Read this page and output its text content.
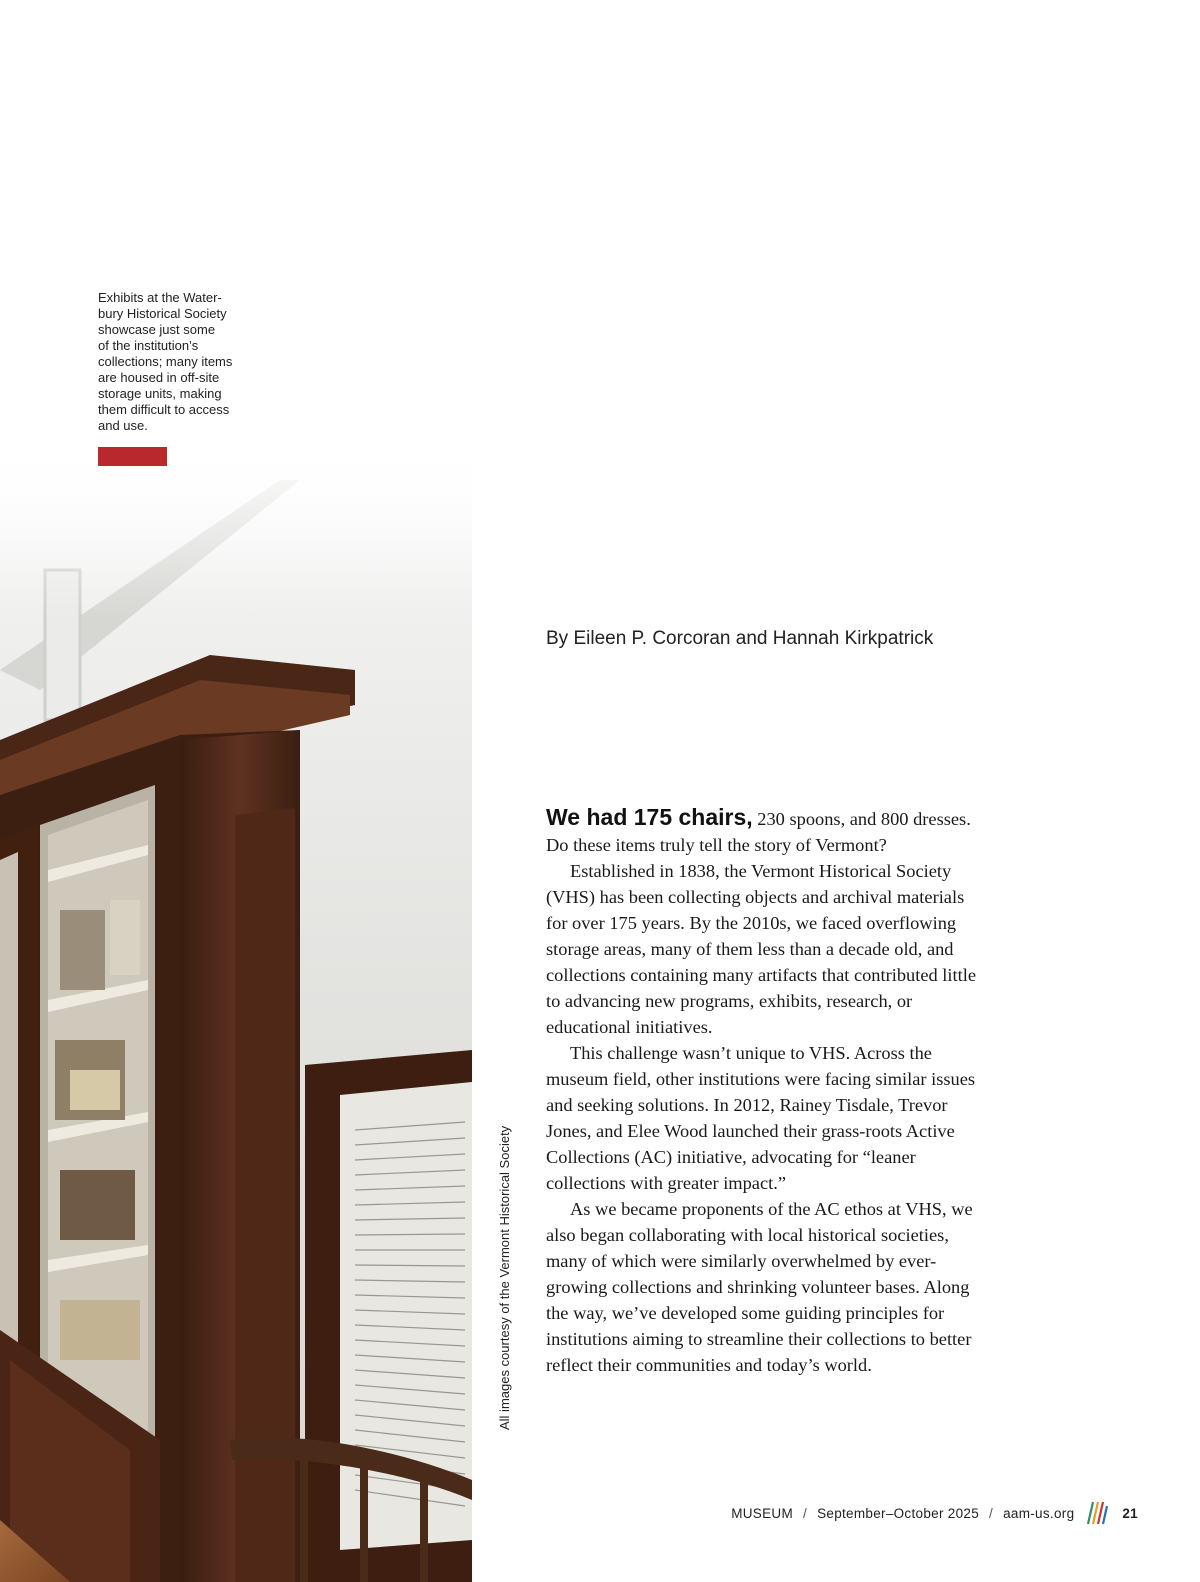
Exhibits at the Water-
bury Historical Society
showcase just some
of the institution’s
collections; many items
are housed in off-site
storage units, making
them difficult to access
and use.
All images courtesy of the Vermont Historical Society
By Eileen P. Corcoran and Hannah Kirkpatrick

We had 175 chairs, 230 spoons, and 800 dresses. Do these items truly tell the story of Vermont?

Established in 1838, the Vermont Historical Society (VHS) has been collecting objects and archival materials for over 175 years. By the 2010s, we faced overflowing storage areas, many of them less than a decade old, and collections containing many artifacts that contributed little to advancing new programs, exhibits, research, or educational initiatives.

This challenge wasn’t unique to VHS. Across the museum field, other institutions were facing similar issues and seeking solutions. In 2012, Rainey Tisdale, Trevor Jones, and Elee Wood launched their grass-roots Active Collections (AC) initiative, advocating for “leaner collections with greater impact.”

As we became proponents of the AC ethos at VHS, we also began collaborating with local historical societies, many of which were similarly overwhelmed by ever-growing collections and shrinking volunteer bases. Along the way, we’ve developed some guiding principles for institutions aiming to streamline their collections to better reflect their communities and today’s world.

MUSEUM / September–October 2025 / aam-us.org	21
